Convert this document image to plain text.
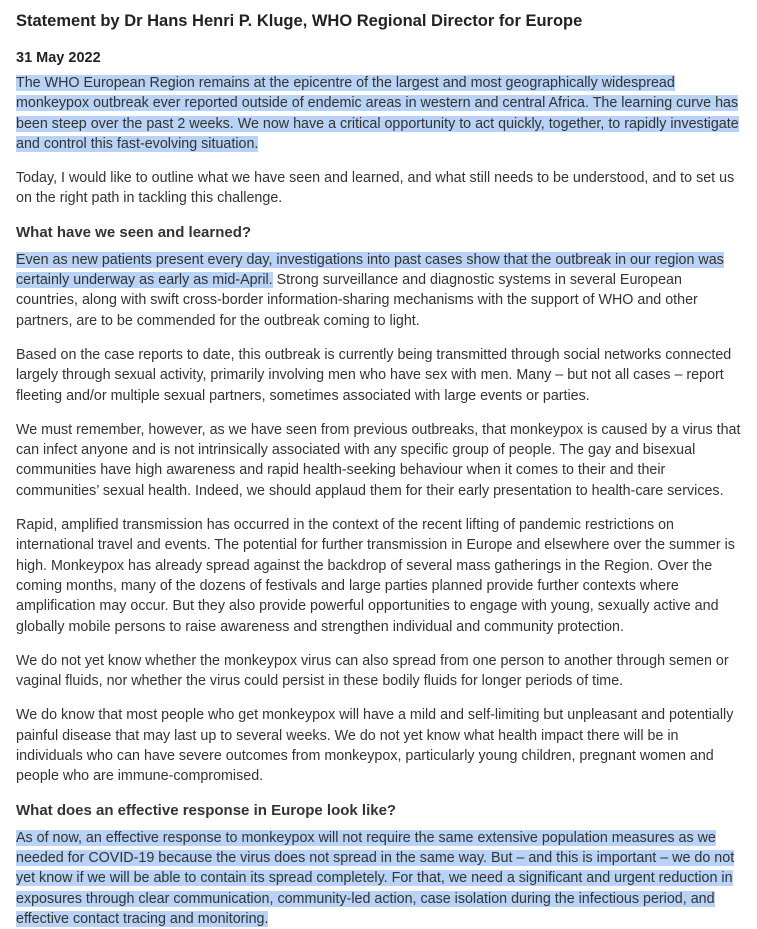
Statement by Dr Hans Henri P. Kluge, WHO Regional Director for Europe
31 May 2022

The WHO European Region remains at the epicentre of the largest and most geographically widespread monkeypox outbreak ever reported outside of endemic areas in western and central Africa. The learning curve has been steep over the past 2 weeks. We now have a critical opportunity to act quickly, together, to rapidly investigate and control this fast-evolving situation.

Today, I would like to outline what we have seen and learned, and what still needs to be understood, and to set us on the right path in tackling this challenge.

What have we seen and learned?

Even as new patients present every day, investigations into past cases show that the outbreak in our region was certainly underway as early as mid-April. Strong surveillance and diagnostic systems in several European countries, along with swift cross-border information-sharing mechanisms with the support of WHO and other partners, are to be commended for the outbreak coming to light.

Based on the case reports to date, this outbreak is currently being transmitted through social networks connected largely through sexual activity, primarily involving men who have sex with men. Many – but not all cases – report fleeting and/or multiple sexual partners, sometimes associated with large events or parties.

We must remember, however, as we have seen from previous outbreaks, that monkeypox is caused by a virus that can infect anyone and is not intrinsically associated with any specific group of people. The gay and bisexual communities have high awareness and rapid health-seeking behaviour when it comes to their and their communities’ sexual health. Indeed, we should applaud them for their early presentation to health-care services.

Rapid, amplified transmission has occurred in the context of the recent lifting of pandemic restrictions on international travel and events. The potential for further transmission in Europe and elsewhere over the summer is high. Monkeypox has already spread against the backdrop of several mass gatherings in the Region. Over the coming months, many of the dozens of festivals and large parties planned provide further contexts where amplification may occur. But they also provide powerful opportunities to engage with young, sexually active and globally mobile persons to raise awareness and strengthen individual and community protection.

We do not yet know whether the monkeypox virus can also spread from one person to another through semen or vaginal fluids, nor whether the virus could persist in these bodily fluids for longer periods of time.

We do know that most people who get monkeypox will have a mild and self-limiting but unpleasant and potentially painful disease that may last up to several weeks. We do not yet know what health impact there will be in individuals who can have severe outcomes from monkeypox, particularly young children, pregnant women and people who are immune-compromised.

What does an effective response in Europe look like?

As of now, an effective response to monkeypox will not require the same extensive population measures as we needed for COVID-19 because the virus does not spread in the same way. But – and this is important – we do not yet know if we will be able to contain its spread completely. For that, we need a significant and urgent reduction in exposures through clear communication, community-led action, case isolation during the infectious period, and effective contact tracing and monitoring.
